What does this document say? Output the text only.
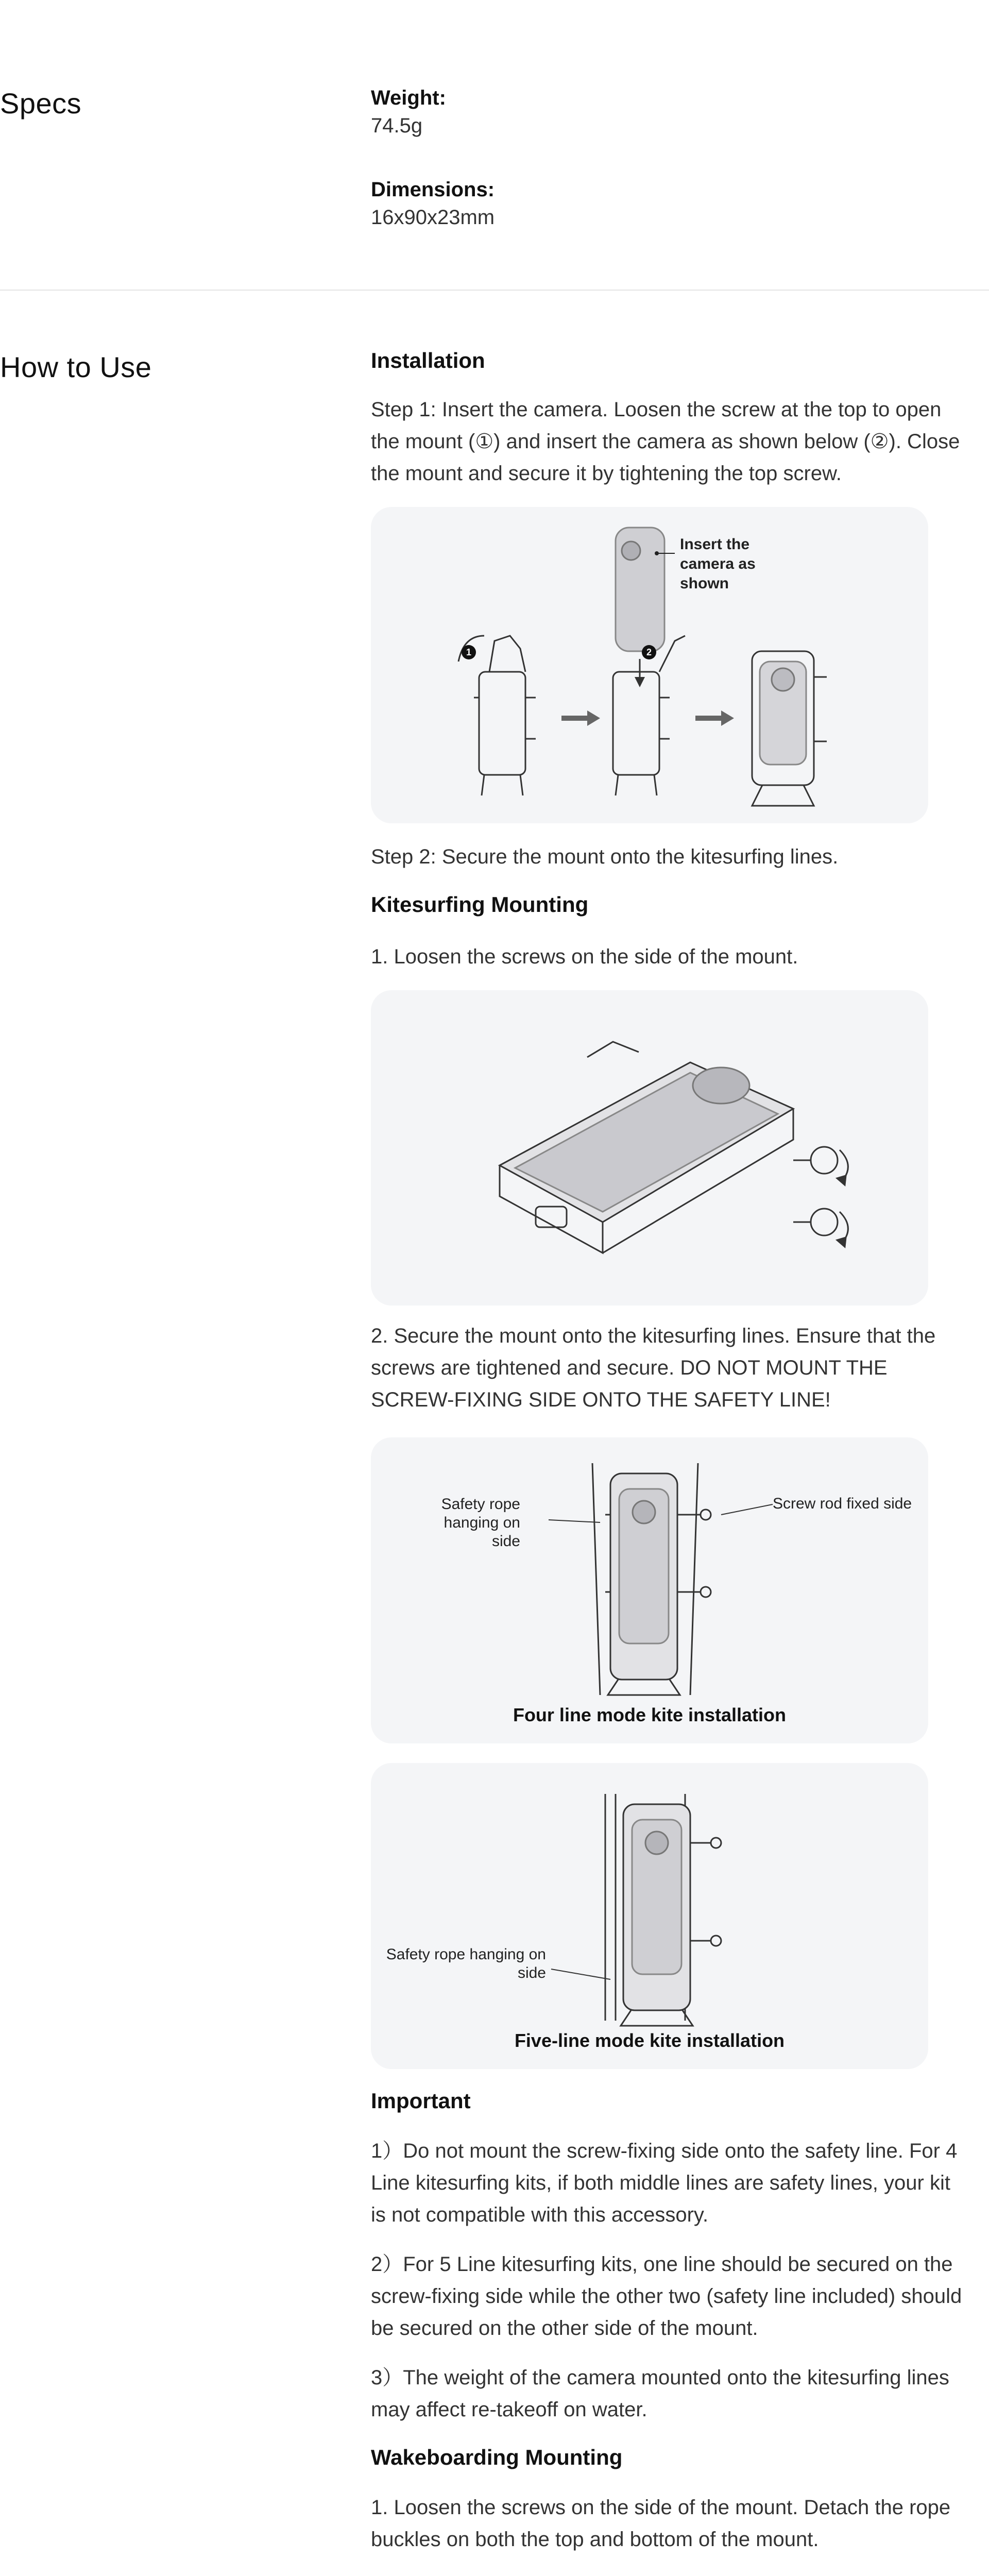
Specs	Weight:
74.5g
Dimensions:
16x90x23mm
How to Use	Installation
Step 1: Insert the camera. Loosen the screw at the top to open the mount (①) and insert the camera as shown below (②). Close the mount and secure it by tightening the top screw.
1	2
Insert the camera as shown
Step 2: Secure the mount onto the kitesurfing lines.
Kitesurfing Mounting
1. Loosen the screws on the side of the mount.
2. Secure the mount onto the kitesurfing lines. Ensure that the screws are tightened and secure. DO NOT MOUNT THE SCREW-FIXING SIDE ONTO THE SAFETY LINE!
Safety rope hanging on side
Screw rod fixed side
Four line mode kite installation
Safety rope hanging on side
Five-line mode kite installation
Important
1）Do not mount the screw-fixing side onto the safety line. For 4 Line kitesurfing kits, if both middle lines are safety lines, your kit is not compatible with this accessory.
2）For 5 Line kitesurfing kits, one line should be secured on the screw-fixing side while the other two (safety line included) should be secured on the other side of the mount.
3）The weight of the camera mounted onto the kitesurfing lines may affect re-takeoff on water.
Wakeboarding Mounting
1. Loosen the screws on the side of the mount. Detach the rope buckles on both the top and bottom of the mount.
